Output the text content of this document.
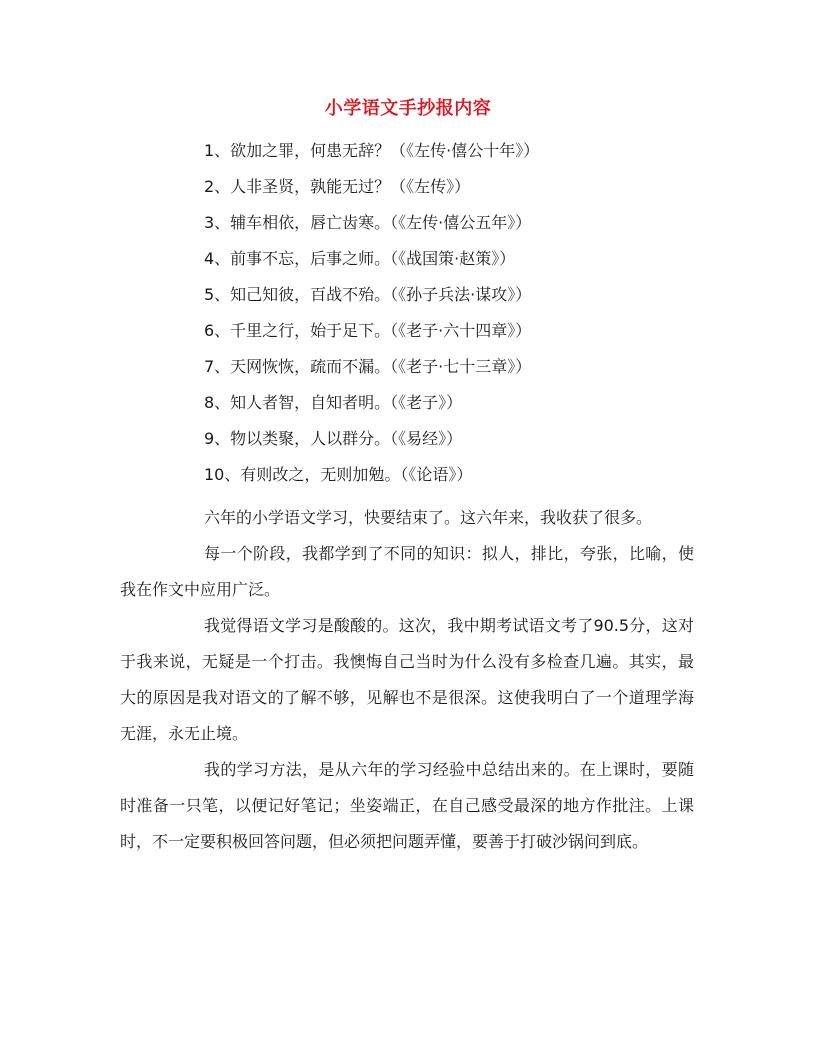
小学语文手抄报内容
1、欲加之罪，何患无辞？（《左传·僖公十年》）
2、人非圣贤，孰能无过？（《左传》）
3、辅车相依，唇亡齿寒。（《左传·僖公五年》）
4、前事不忘，后事之师。（《战国策·赵策》）
5、知己知彼，百战不殆。（《孙子兵法·谋攻》）
6、千里之行，始于足下。（《老子·六十四章》）
7、天网恢恢，疏而不漏。（《老子·七十三章》）
8、知人者智，自知者明。（《老子》）
9、物以类聚，人以群分。（《易经》）
10、有则改之，无则加勉。（《论语》）

六年的小学语文学习，快要结束了。这六年来，我收获了很多。

每一个阶段，我都学到了不同的知识：拟人，排比，夸张，比喻，使我在作文中应用广泛。

我觉得语文学习是酸酸的。这次，我中期考试语文考了90.5分，这对于我来说，无疑是一个打击。我懊悔自己当时为什么没有多检查几遍。其实，最大的原因是我对语文的了解不够，见解也不是很深。这使我明白了一个道理学海无涯，永无止境。

我的学习方法，是从六年的学习经验中总结出来的。在上课时，要随时准备一只笔，以便记好笔记；坐姿端正，在自己感受最深的地方作批注。上课时，不一定要积极回答问题，但必须把问题弄懂，要善于打破沙锅问到底。
